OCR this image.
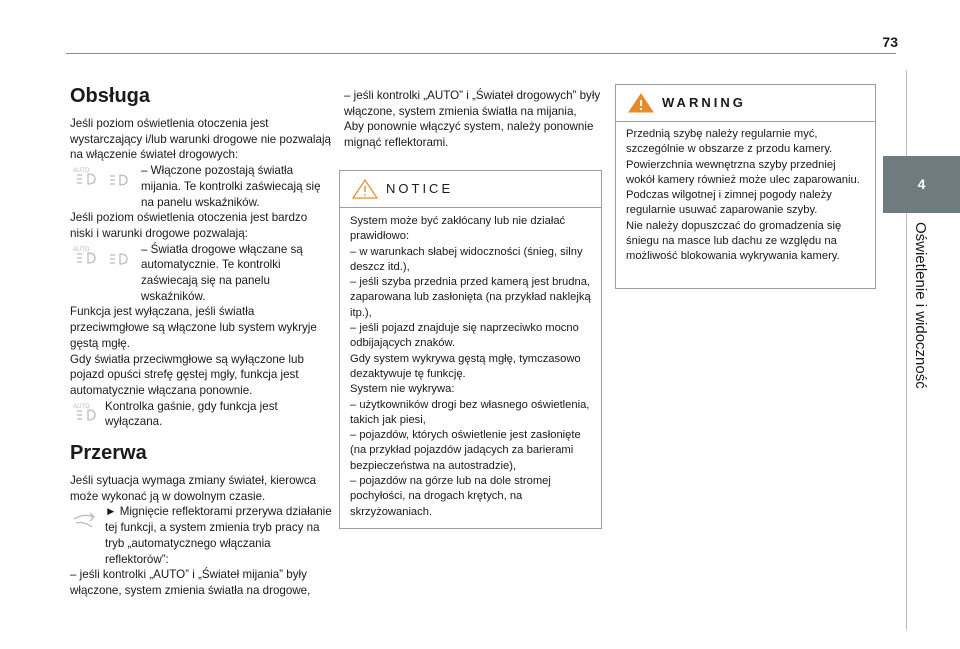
73
4
Oświetlenie i widoczność
Obsługa

Jeśli poziom oświetlenia otoczenia jest wystarczający i/lub warunki drogowe nie pozwalają na włączenie świateł drogowych:

AUTO	– Włączone pozostają światła mijania. Te kontrolki zaświecają się na panelu wskaźników.

Jeśli poziom oświetlenia otoczenia jest bardzo niski i warunki drogowe pozwalają:

AUTO	– Światła drogowe włączane są automatycznie. Te kontrolki zaświecają się na panelu wskaźników.

Funkcja jest wyłączana, jeśli światła przeciwmgłowe są włączone lub system wykryje gęstą mgłę.

Gdy światła przeciwmgłowe są wyłączone lub pojazd opuści strefę gęstej mgły, funkcja jest automatycznie włączana ponownie.

AUTO Kontrolka gaśnie, gdy funkcja jest wyłączana.

Przerwa

Jeśli sytuacja wymaga zmiany świateł, kierowca może wykonać ją w dowolnym czasie.

► Mignięcie reflektorami przerywa działanie tej funkcji, a system zmienia tryb pracy na tryb „automatycznego włączania reflektorów”:

– jeśli kontrolki „AUTO” i „Świateł mijania” były włączone, system zmienia światła na drogowe,

– jeśli kontrolki „AUTO” i „Świateł drogowych” były włączone, system zmienia światła na mijania,

Aby ponownie włączyć system, należy ponownie mignąć reflektorami.

NOTICE

System może być zakłócany lub nie działać prawidłowo:

– w warunkach słabej widoczności (śnieg, silny deszcz itd.),

– jeśli szyba przednia przed kamerą jest brudna, zaparowana lub zasłonięta (na przykład naklejką itp.),

– jeśli pojazd znajduje się naprzeciwko mocno odbijających znaków.

Gdy system wykrywa gęstą mgłę, tymczasowo dezaktywuje tę funkcję.

System nie wykrywa:

– użytkowników drogi bez własnego oświetlenia, takich jak piesi,

– pojazdów, których oświetlenie jest zasłonięte (na przykład pojazdów jadących za barierami bezpieczeństwa na autostradzie),

– pojazdów na górze lub na dole stromej pochyłości, na drogach krętych, na skrzyżowaniach.

WARNING

Przednią szybę należy regularnie myć, szczególnie w obszarze z przodu kamery.

Powierzchnia wewnętrzna szyby przedniej wokół kamery również może ulec zaparowaniu. Podczas wilgotnej i zimnej pogody należy regularnie usuwać zaparowanie szyby.

Nie należy dopuszczać do gromadzenia się śniegu na masce lub dachu ze względu na możliwość blokowania wykrywania kamery.
